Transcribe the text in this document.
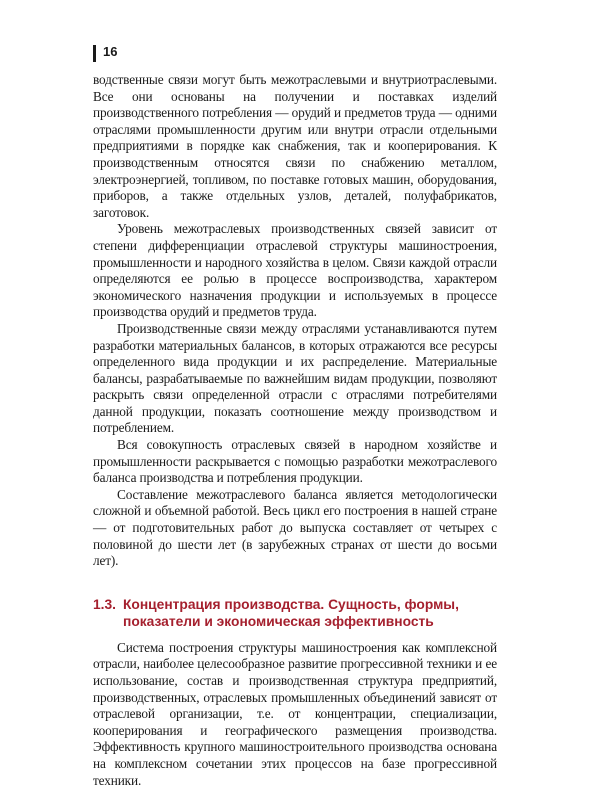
16

водственные связи могут быть межотраслевыми и внутриотраслевыми. Все они основаны на получении и поставках изделий производственного потребления — орудий и предметов труда — одними отраслями промышленности другим или внутри отрасли отдельными предприятиями в порядке как снабжения, так и кооперирования. К производственным относятся связи по снабжению металлом, электроэнергией, топливом, по поставке готовых машин, оборудования, приборов, а также отдельных узлов, деталей, полуфабрикатов, заготовок.

Уровень межотраслевых производственных связей зависит от степени дифференциации отраслевой структуры машиностроения, промышленности и народного хозяйства в целом. Связи каждой отрасли определяются ее ролью в процессе воспроизводства, характером экономического назначения продукции и используемых в процессе производства орудий и предметов труда.

Производственные связи между отраслями устанавливаются путем разработки материальных балансов, в которых отражаются все ресурсы определенного вида продукции и их распределение. Материальные балансы, разрабатываемые по важнейшим видам продукции, позволяют раскрыть связи определенной отрасли с отраслями потребителями данной продукции, показать соотношение между производством и потреблением.

Вся совокупность отраслевых связей в народном хозяйстве и промышленности раскрывается с помощью разработки межотраслевого баланса производства и потребления продукции.

Составление межотраслевого баланса является методологически сложной и объемной работой. Весь цикл его построения в нашей стране — от подготовительных работ до выпуска составляет от четырех с половиной до шести лет (в зарубежных странах от шести до восьми лет).

1.3. Концентрация производства. Сущность, формы,
показатели и экономическая эффективность

Система построения структуры машиностроения как комплексной отрасли, наиболее целесообразное развитие прогрессивной техники и ее использование, состав и производственная структура предприятий, производственных, отраслевых промышленных объединений зависят от отраслевой организации, т.е. от концентрации, специализации, кооперирования и географического размещения производства. Эффективность крупного машиностроительного производства основана на комплексном сочетании этих процессов на базе прогрессивной техники.
